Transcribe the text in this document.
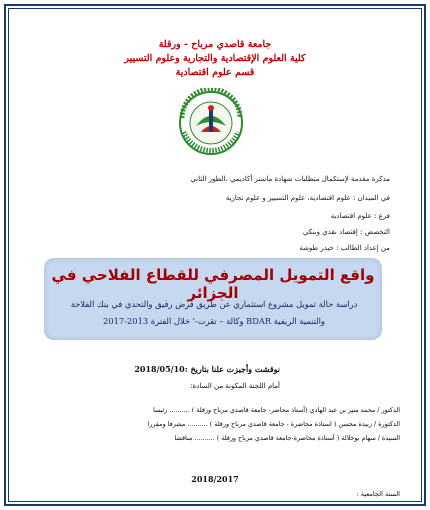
جامعة قاصدي مرباح - ورقلة
كلية العلوم الإقتصادية والتجارية وعلوم التسيير
قسم علوم اقتصادية
مذكرة مقدمة لإستكمال متطلبات شهادة ماستر أكاديمي ،الطور الثاني
في الميدان : علوم اقتصادية، علوم التسيير و علوم تجارية
فرع : علوم اقتصادية
التخصص : إقتصاد نقدي وبنكي
من إعداد الطالب : حيدر طوشة
واقع التمويل المصرفي للقطاع الفلاحي في الجزائر
دراسة حالة تمويل مشروع استثماري عن طريق قرض رفيق والتحدي في بنك الفلاحة
والتنمية الريفية BDAR وكالة – تقرت-' خلال الفترة 2013-2017
نوقشت وأجيزت علنا بتاريخ :2018/05/10
أمام اللجنة المكونة من السادة:
الدكتور / محمد منير بن عبد الهادي (أستاذ محاضر- جامعة قاصدي مرباح ورقلة ) .......... رئيسا
الدكتورة / زبيدة محسن ( استاذة محاضرة - جامعة قاصدي مرباح ورقلة ) .......... مشرفا ومقررا
السيدة / سهام بوخلالة ( أستاذة محاضرة-جامعة قاصدي مرباح ورقلة ) .......... مناقشا
2018/2017
السنة الجامعية :
